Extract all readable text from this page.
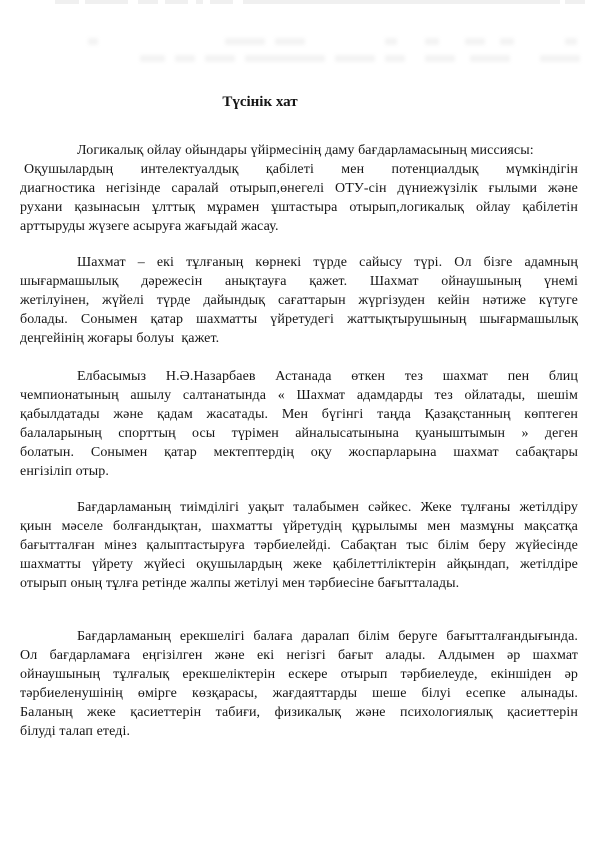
Түсінік хат
Логикалық ойлау ойындары үйірмесінің даму бағдарламасының миссиясы:
Оқушылардың интелектуалдық қабілеті мен потенциалдық мүмкіндігін
диагностика негізінде саралай отырып,өнегелі ОТУ-сін дүниежүзілік ғылыми және
рухани қазынасын ұлттық мұрамен ұштастыра отырып,логикалық ойлау қабілетін
арттыруды жүзеге асыруға жағыдай жасау.
Шахмат – екі тұлғаның көрнекі түрде сайысу түрі. Ол бізге адамның
шығармашылық дәрежесін анықтауға қажет. Шахмат ойнаушының үнемі
жетілуінен, жүйелі түрде дайындық сағаттарын жүргізуден кейін нәтиже күтуге
болады. Сонымен қатар шахматты үйретудегі жаттықтырушының шығармашылық
деңгейінің жоғары болуы  қажет.
Елбасымыз Н.Ә.Назарбаев Астанада өткен тез шахмат пен блиц
чемпионатының ашылу салтанатында « Шахмат адамдарды тез ойлатады, шешім
қабылдатады және қадам жасатады. Мен бүгінгі таңда Қазақстанның көптеген
балаларының спорттың осы түрімен айналысатынына қуаныштымын » деген
болатын. Сонымен қатар мектептердің оқу жоспарларына шахмат сабақтары
енгізіліп отыр.
Бағдарламаның тиімділігі уақыт талабымен сәйкес. Жеке тұлғаны жетілдіру
қиын мәселе болғандықтан, шахматты үйретудің құрылымы мен мазмұны мақсатқа
бағытталған мінез қалыптастыруға тәрбиелейді. Сабақтан тыс білім беру жүйесінде
шахматты үйрету жүйесі оқушылардың жеке қабілеттіліктерін айқындап, жетілдіре
отырып оның тұлға ретінде жалпы жетілуі мен тәрбиесіне бағытталады.
Бағдарламаның ерекшелігі балаға даралап білім беруге бағытталғандығында.
Ол бағдарламаға еңгізілген және екі негізгі бағыт алады. Алдымен әр шахмат
ойнаушының тұлғалық ерекшеліктерін ескере отырып тәрбиелеуде, екіншіден әр
тәрбиеленушінің өмірге көзқарасы, жағдаяттарды шеше білуі есепке алынады.
Баланың жеке қасиеттерін табиғи, физикалық және психологиялық қасиеттерін
білуді талап етеді.
